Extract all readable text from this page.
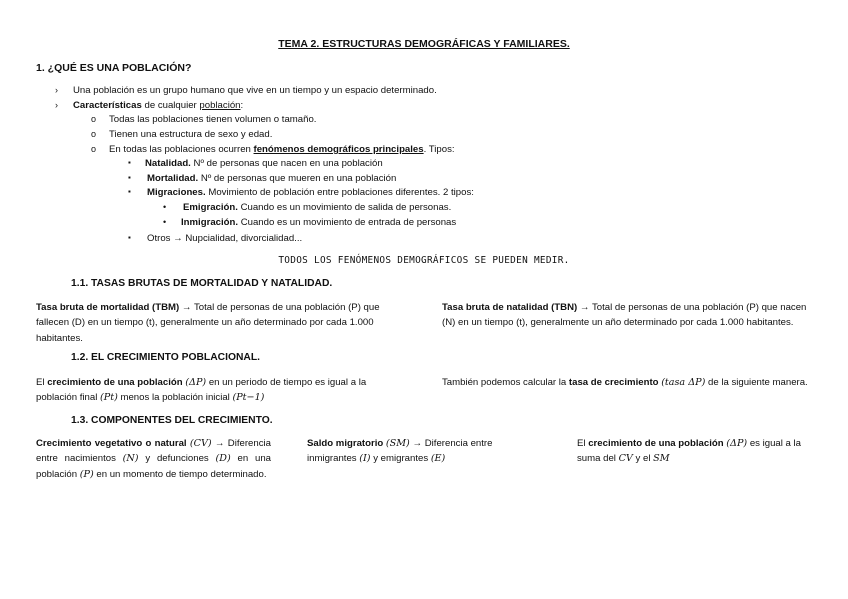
TEMA 2. ESTRUCTURAS DEMOGRÁFICAS Y FAMILIARES.
1. ¿QUÉ ES UNA POBLACIÓN?
› Una población es un grupo humano que vive en un tiempo y un espacio determinado.
› Características de cualquier población:
o Todas las poblaciones tienen volumen o tamaño.
o Tienen una estructura de sexo y edad.
o En todas las poblaciones ocurren fenómenos demográficos principales. Tipos:
▪ Natalidad. Nº de personas que nacen en una población
▪ Mortalidad. Nº de personas que mueren en una población
▪ Migraciones. Movimiento de población entre poblaciones diferentes. 2 tipos:
• Emigración. Cuando es un movimiento de salida de personas.
• Inmigración. Cuando es un movimiento de entrada de personas
▪ Otros → Nupcialidad, divorcialidad...
TODOS LOS FENÓMENOS DEMOGRÁFICOS SE PUEDEN MEDIR.
1.1. TASAS BRUTAS DE MORTALIDAD Y NATALIDAD.
Tasa bruta de mortalidad (TBM) → Total de personas de una población (P) que fallecen (D) en un tiempo (t), generalmente un año determinado por cada 1.000 habitantes.
Tasa bruta de natalidad (TBN) → Total de personas de una población (P) que nacen (N) en un tiempo (t), generalmente un año determinado por cada 1.000 habitantes.
1.2. EL CRECIMIENTO POBLACIONAL.
El crecimiento de una población (ΔP) en un periodo de tiempo es igual a la población final (Pt) menos la población inicial (Pt−1)
También podemos calcular la tasa de crecimiento (tasa ΔP) de la siguiente manera.
1.3. COMPONENTES DEL CRECIMIENTO.
Crecimiento vegetativo o natural (CV) → Diferencia entre nacimientos (N) y defunciones (D) en una población (P) en un momento de tiempo determinado.
Saldo migratorio (SM) → Diferencia entre inmigrantes (I) y emigrantes (E)
El crecimiento de una población (ΔP) es igual a la suma del CV y el SM
